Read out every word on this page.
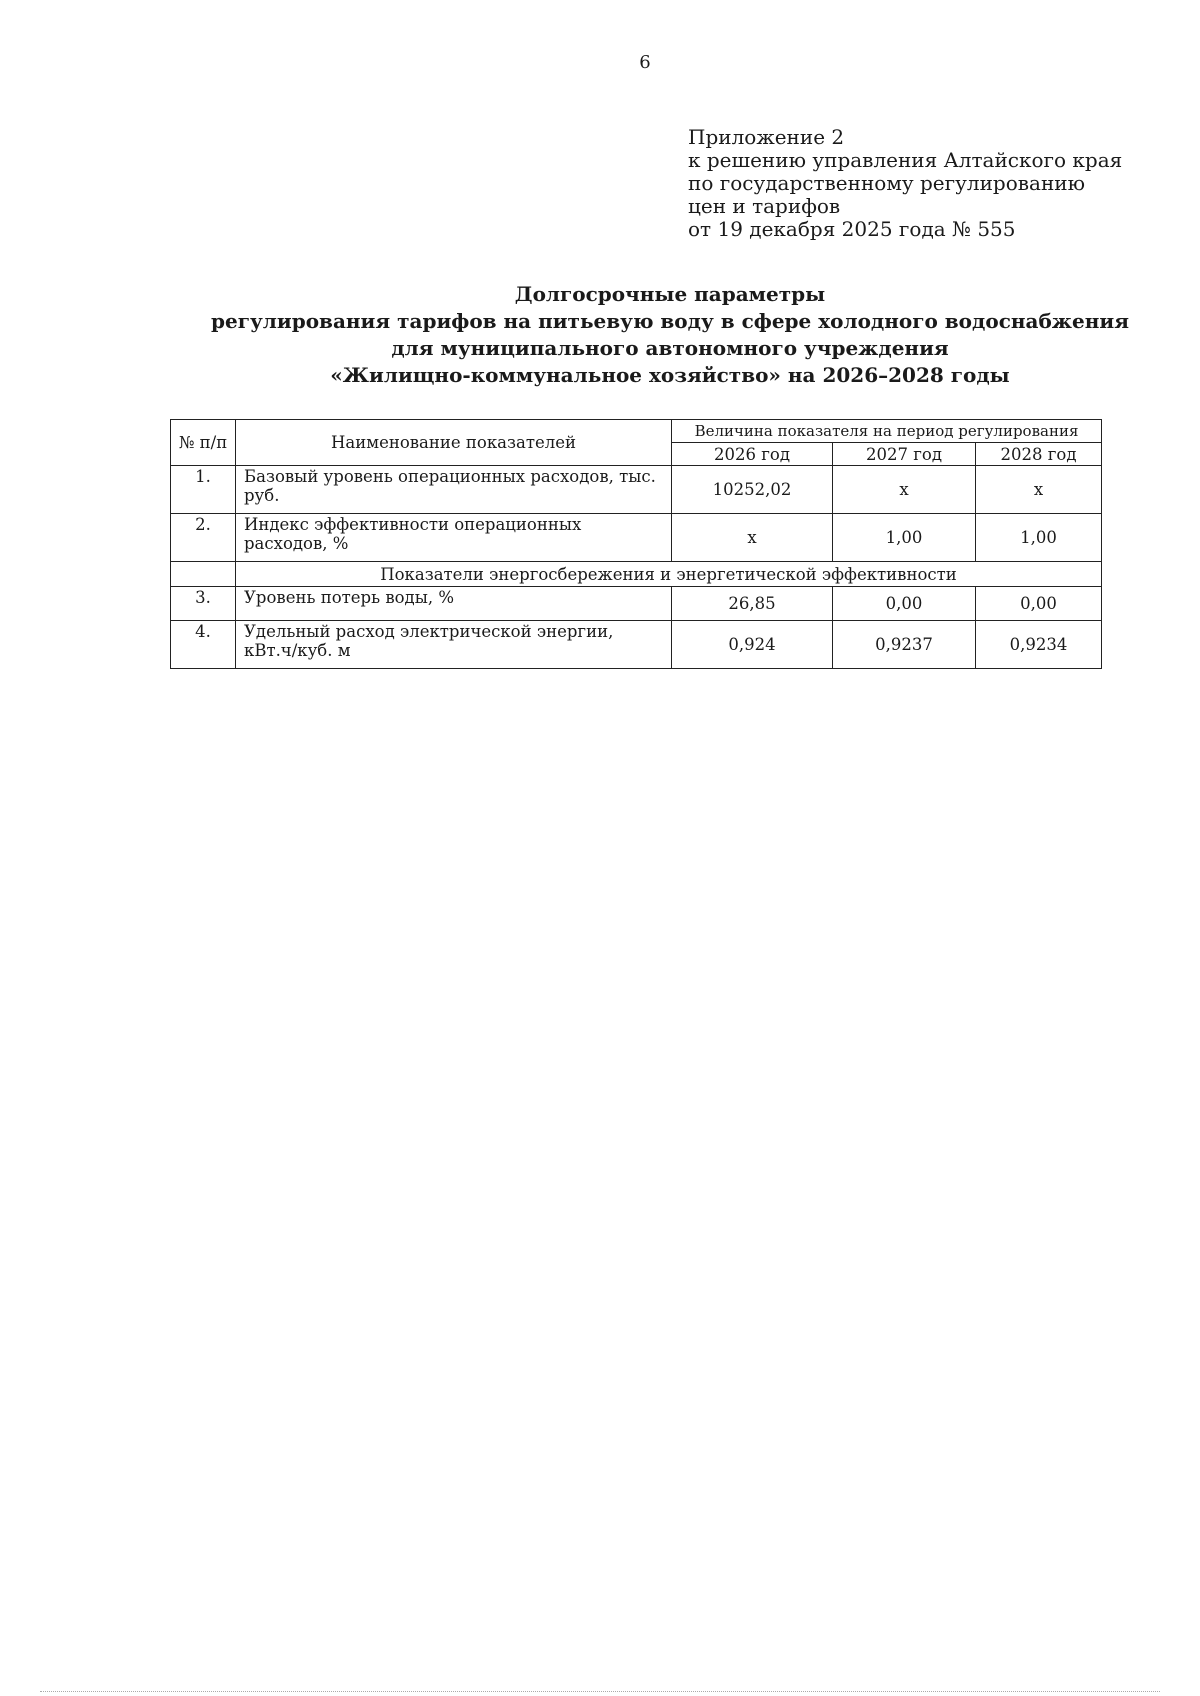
6
Приложение 2
к решению управления Алтайского края
по государственному регулированию
цен и тарифов
от 19 декабря 2025 года № 555
Долгосрочные параметры
регулирования тарифов на питьевую воду в сфере холодного водоснабжения
для муниципального автономного учреждения
«Жилищно-коммунальное хозяйство» на 2026–2028 годы
№ п/п	Наименование показателей	Величина показателя на период регулирования		
		2026 год	2027 год	2028 год
1.	Базовый уровень операционных расходов, тыс. руб.	10252,02	х	х
2.	Индекс эффективности операционных расходов, %	х	1,00	1,00
	Показатели энергосбережения и энергетической эффективности			
3.	Уровень потерь воды, %	26,85	0,00	0,00
4.	Удельный расход электрической энергии, кВт.ч/куб. м	0,924	0,9237	0,9234
